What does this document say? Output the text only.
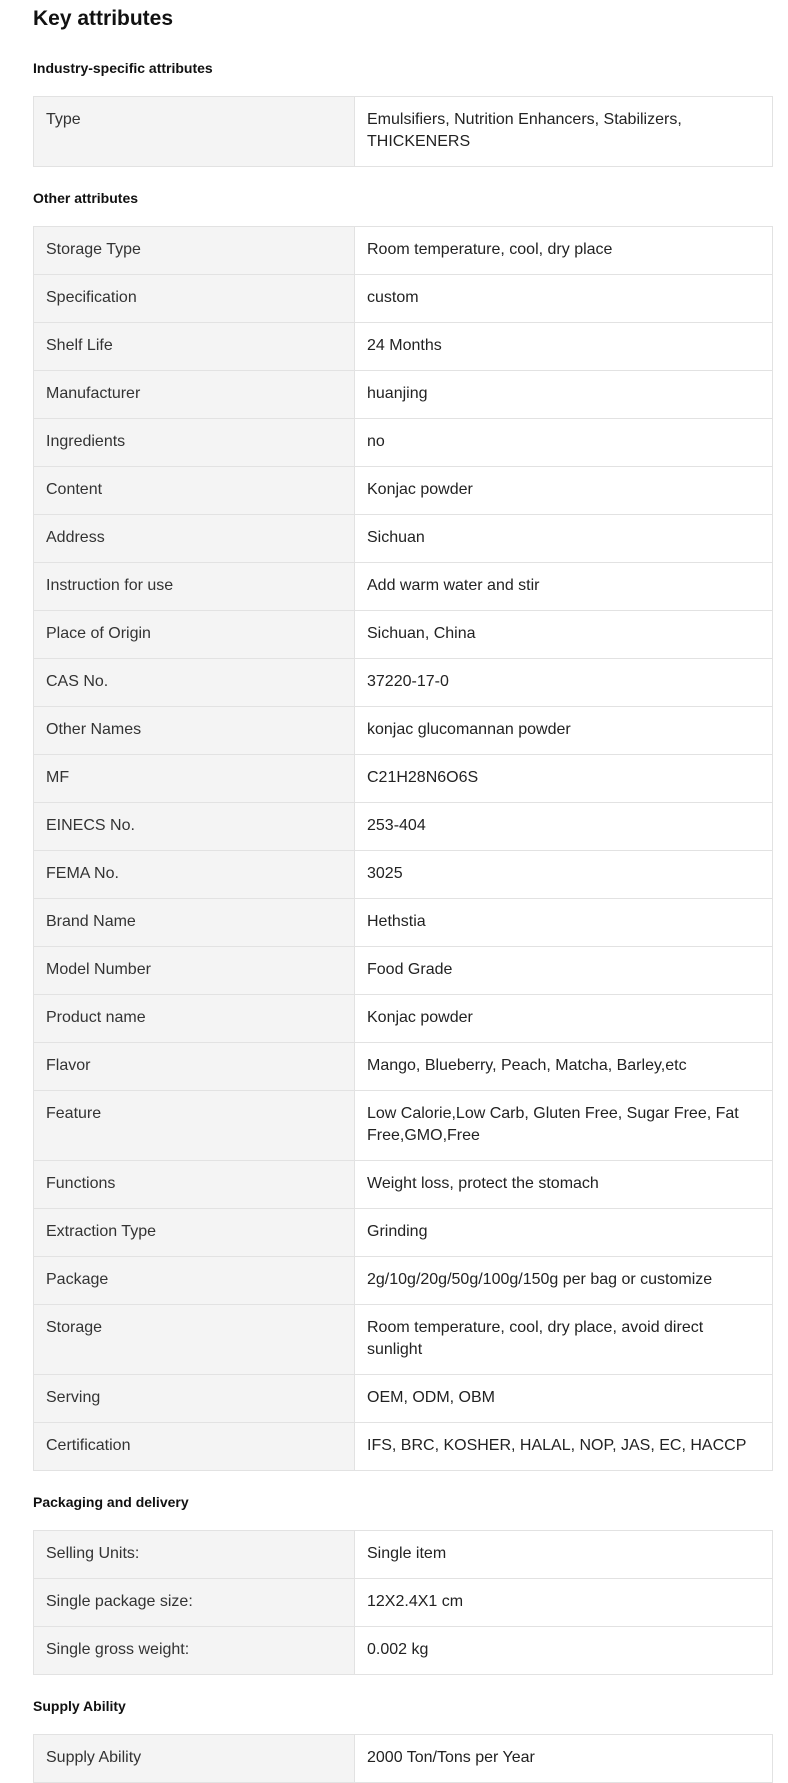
Key attributes
Industry-specific attributes
Type	Emulsifiers, Nutrition Enhancers, Stabilizers, THICKENERS
Other attributes
Storage Type	Room temperature, cool, dry place
Specification	custom
Shelf Life	24 Months
Manufacturer	huanjing
Ingredients	no
Content	Konjac powder
Address	Sichuan
Instruction for use	Add warm water and stir
Place of Origin	Sichuan, China
CAS No.	37220-17-0
Other Names	konjac glucomannan powder
MF	C21H28N6O6S
EINECS No.	253-404
FEMA No.	3025
Brand Name	Hethstia
Model Number	Food Grade
Product name	Konjac powder
Flavor	Mango, Blueberry, Peach, Matcha, Barley,etc
Feature	Low Calorie,Low Carb, Gluten Free, Sugar Free, Fat Free,GMO,Free
Functions	Weight loss, protect the stomach
Extraction Type	Grinding
Package	2g/10g/20g/50g/100g/150g per bag or customize
Storage	Room temperature, cool, dry place, avoid direct sunlight
Serving	OEM, ODM, OBM
Certification	IFS, BRC, KOSHER, HALAL, NOP, JAS, EC, HACCP
Packaging and delivery
Selling Units:	Single item
Single package size:	12X2.4X1 cm
Single gross weight:	0.002 kg
Supply Ability
Supply Ability	2000 Ton/Tons per Year
